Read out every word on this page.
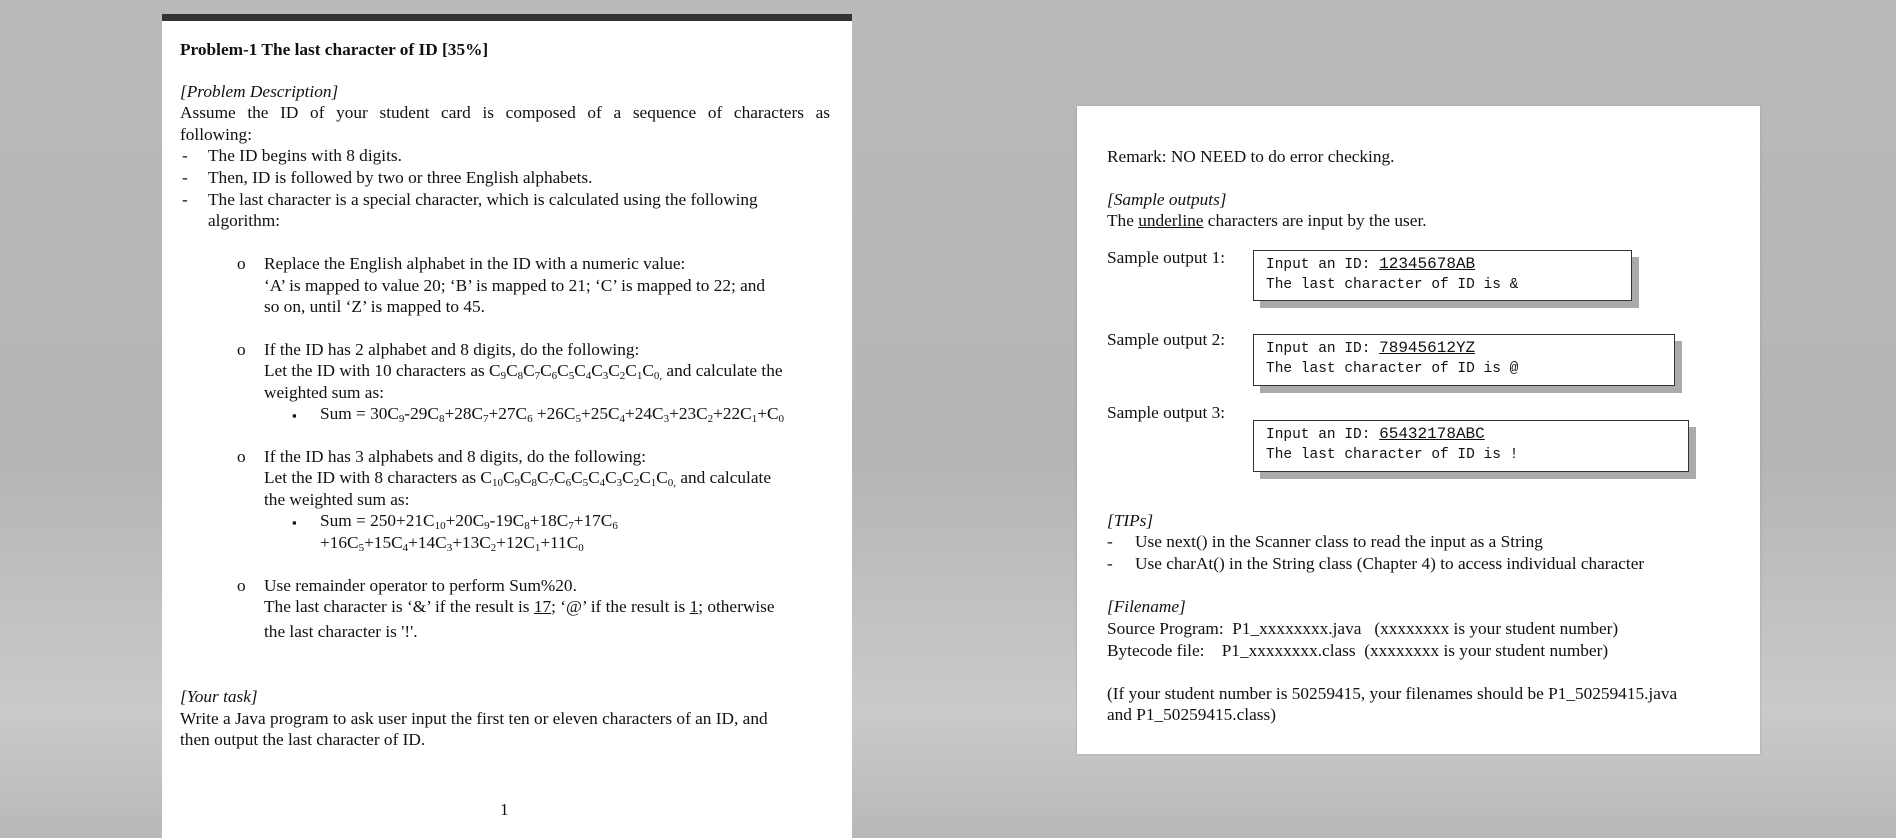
Problem-1 The last character of ID [35%]
[Problem Description]
Assume the ID of your student card is composed of a sequence of characters as
following:
- The ID begins with 8 digits.
- Then, ID is followed by two or three English alphabets.
- The last character is a special character, which is calculated using the following
algorithm:
o Replace the English alphabet in the ID with a numeric value:
‘A’ is mapped to value 20; ‘B’ is mapped to 21; ‘C’ is mapped to 22; and
so on, until ‘Z’ is mapped to 45.
o If the ID has 2 alphabet and 8 digits, do the following:
Let the ID with 10 characters as $C_9C_8C_7C_6C_5C_4C_3C_2C_1C_{0,}$ and calculate the
weighted sum as:
▪ Sum = $30C_9-29C_8+28C_7+27C_6 +26C_5+25C_4+24C_3+23C_2+22C_1+C_0$
o If the ID has 3 alphabets and 8 digits, do the following:
Let the ID with 8 characters as $C_{10}C_9C_8C_7C_6C_5C_4C_3C_2C_1C_{0,}$ and calculate
the weighted sum as:
▪ Sum = $250+21C_{10}+20C_9-19C_8+18C_7+17C_6$
$+16C_5+15C_4+14C_3+13C_2+12C_1+11C_0$
o Use remainder operator to perform Sum%20.
The last character is ‘&’ if the result is 17; ‘@’ if the result is 1; otherwise
the last character is '!'.
[Your task]
Write a Java program to ask user input the first ten or eleven characters of an ID, and
then output the last character of ID.
1
Remark: NO NEED to do error checking.
[Sample outputs]
The underline characters are input by the user.
Sample output 1:	Input an ID: 12345678AB
The last character of ID is &
Sample output 2:	Input an ID: 78945612YZ
The last character of ID is @
Sample output 3:
Input an ID: 65432178ABC
The last character of ID is !
[TIPs]
- Use next() in the Scanner class to read the input as a String
- Use charAt() in the String class (Chapter 4) to access individual character
[Filename]
Source Program:  P1_xxxxxxxx.java   (xxxxxxxx is your student number)
Bytecode file:    P1_xxxxxxxx.class  (xxxxxxxx is your student number)
(If your student number is 50259415, your filenames should be P1_50259415.java
and P1_50259415.class)
